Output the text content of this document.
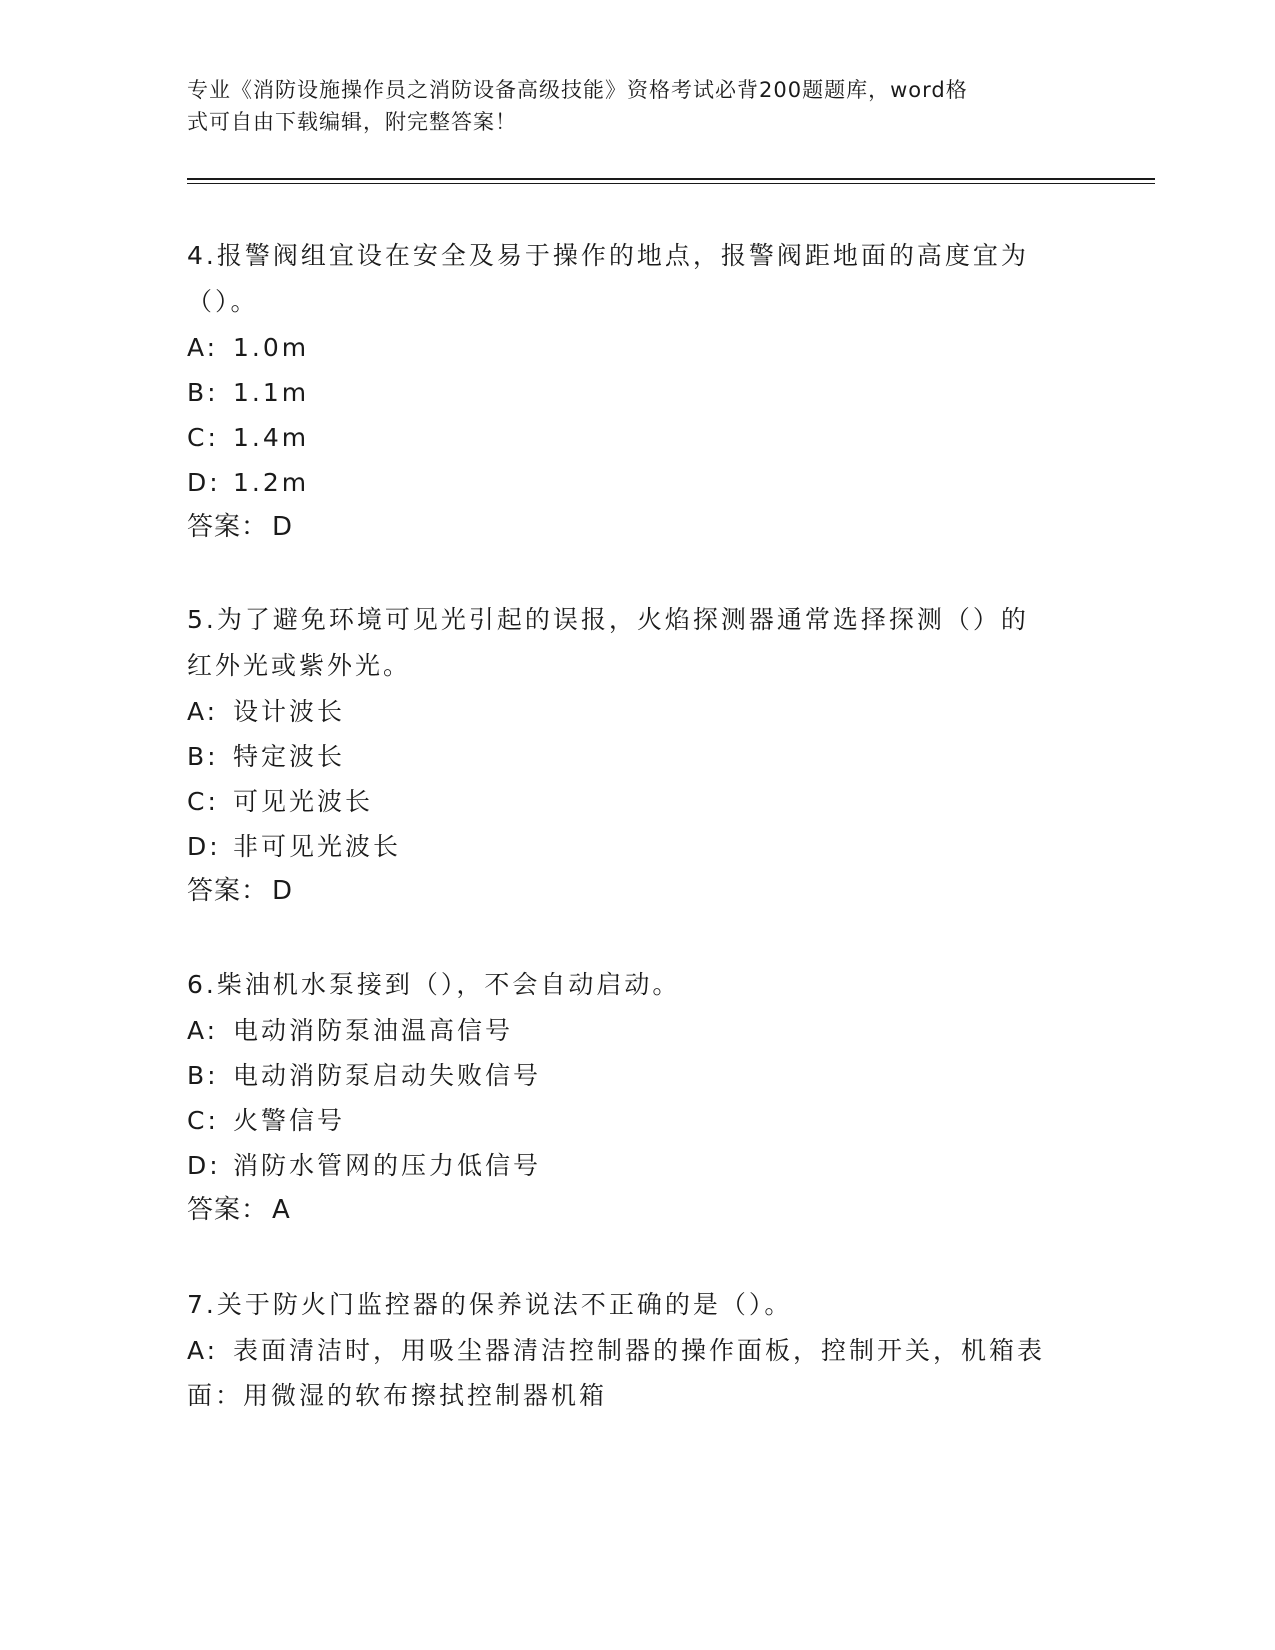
专业《消防设施操作员之消防设备高级技能》资格考试必背200题题库，word格
式可自由下载编辑，附完整答案！

4.报警阀组宜设在安全及易于操作的地点，报警阀距地面的高度宜为
（）。

A: 1.0m

B: 1.1m

C: 1.4m

D: 1.2m

答案： D

5.为了避免环境可见光引起的误报，火焰探测器通常选择探测（）的
红外光或紫外光。

A: 设计波长

B: 特定波长

C: 可见光波长

D: 非可见光波长

答案： D

6.柴油机水泵接到（），不会自动启动。

A: 电动消防泵油温高信号

B: 电动消防泵启动失败信号

C: 火警信号

D: 消防水管网的压力低信号

答案： A

7.关于防火门监控器的保养说法不正确的是（）。

A: 表面清洁时，用吸尘器清洁控制器的操作面板，控制开关，机箱表
面：用微湿的软布擦拭控制器机箱
